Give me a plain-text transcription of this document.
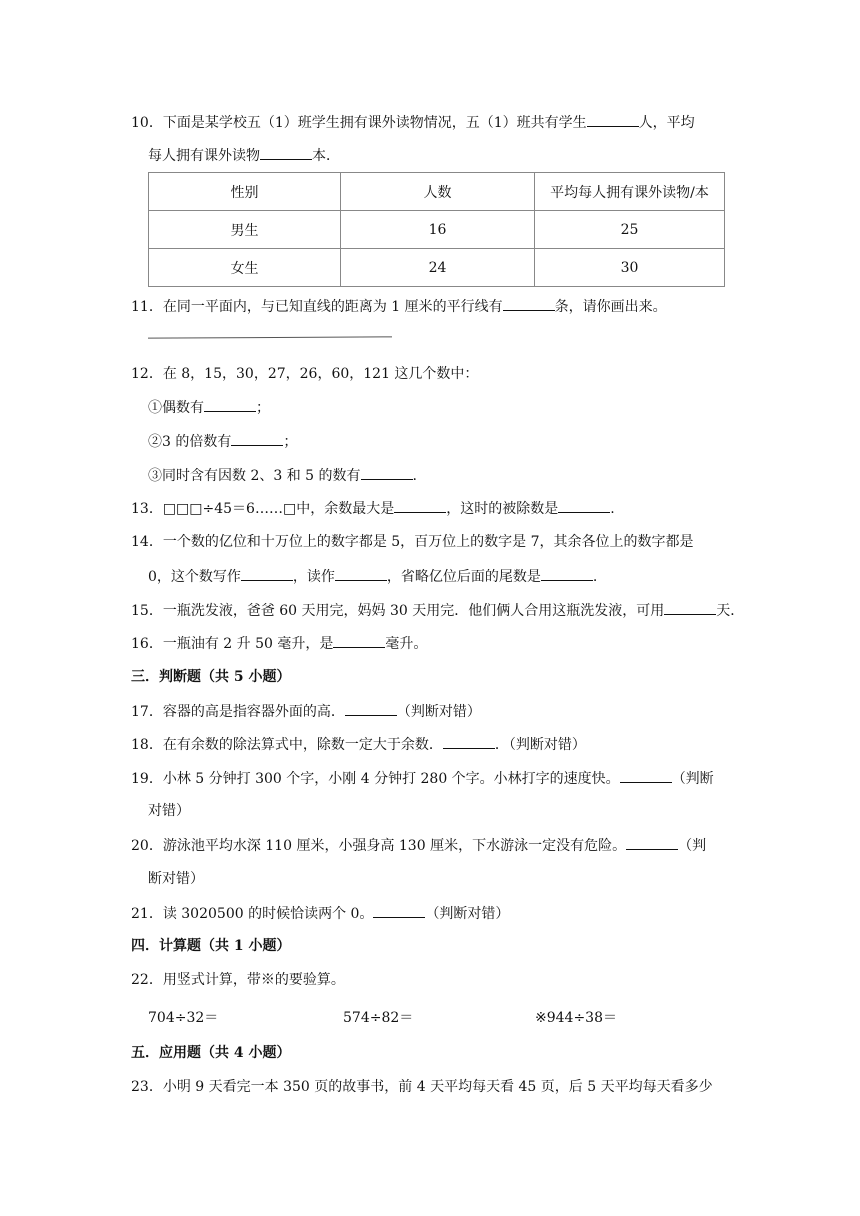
10．下面是某学校五（1）班学生拥有课外读物情况，五（1）班共有学生	人，平均
每人拥有课外读物	本．
性别	人数	平均每人拥有课外读物/本
男生	16	25
女生	24	30
11．在同一平面内，与已知直线的距离为 1 厘米的平行线有	条，请你画出来。
12．在 8，15，30，27，26，60，121 这几个数中：
①偶数有	；
②3 的倍数有	；
③同时含有因数 2、3 和 5 的数有	.
13．□□□÷45＝6……□中，余数最大是	，这时的被除数是	.
14．一个数的亿位和十万位上的数字都是 5，百万位上的数字是 7，其余各位上的数字都是
0，这个数写作	，读作	，省略亿位后面的尾数是	.
15．一瓶洗发液，爸爸 60 天用完，妈妈 30 天用完．他们俩人合用这瓶洗发液，可用	天．
16．一瓶油有 2 升 50 毫升，是	毫升。
三．判断题（共 5 小题）
17．容器的高是指容器外面的高．	（判断对错）
18．在有余数的除法算式中，除数一定大于余数．	．（判断对错）
19．小林 5 分钟打 300 个字，小刚 4 分钟打 280 个字。小林打字的速度快。	（判断
对错）
20．游泳池平均水深 110 厘米，小强身高 130 厘米，下水游泳一定没有危险。	（判
断对错）
21．读 3020500 的时候恰读两个 0。	（判断对错）
四．计算题（共 1 小题）
22．用竖式计算，带※的要验算。
704÷32＝	574÷82＝	※944÷38＝
五．应用题（共 4 小题）
23．小明 9 天看完一本 350 页的故事书，前 4 天平均每天看 45 页，后 5 天平均每天看多少
